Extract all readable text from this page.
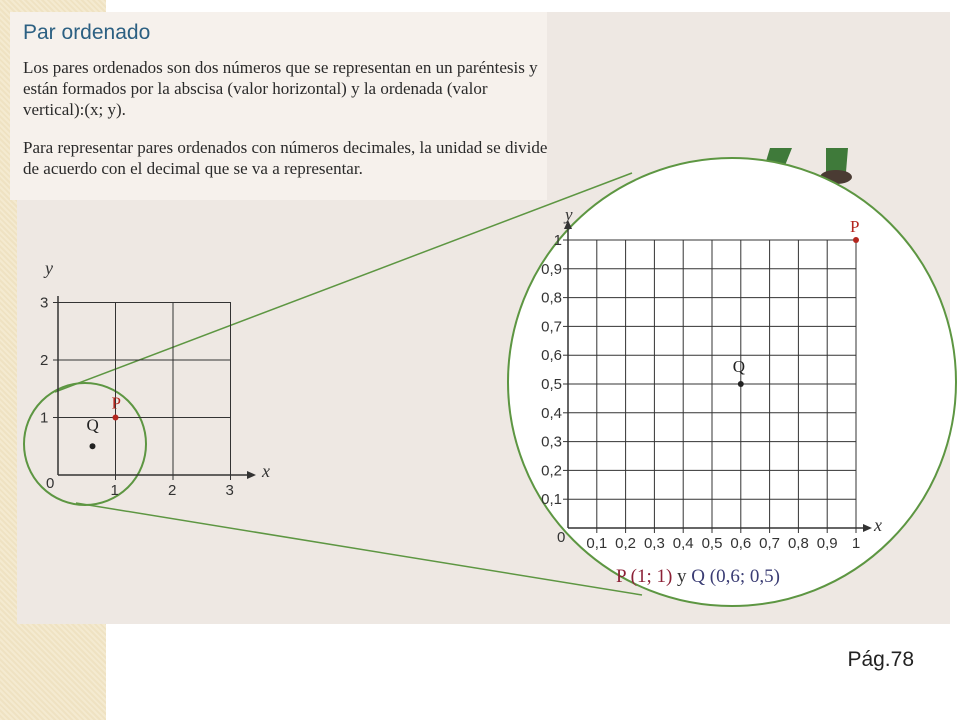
x
y
0	1	2	3
1
2
3
P
Q
x
y
0 0,1 0,2 0,3 0,4 0,5 0,6 0,7 0,8 0,9 1
0,1
0,2
0,3
0,4
0,5
0,6
0,7
0,8
0,9
1
P
Q
P (1; 1) y Q (0,6; 0,5)
Par ordenado

Los pares ordenados son dos números que se representan en un paréntesis y están formados por la abscisa (valor horizontal) y la ordenada (valor vertical):(x; y).

Para representar pares ordenados con números decimales, la unidad se divide de acuerdo con el decimal que se va a representar.

Pág.78
